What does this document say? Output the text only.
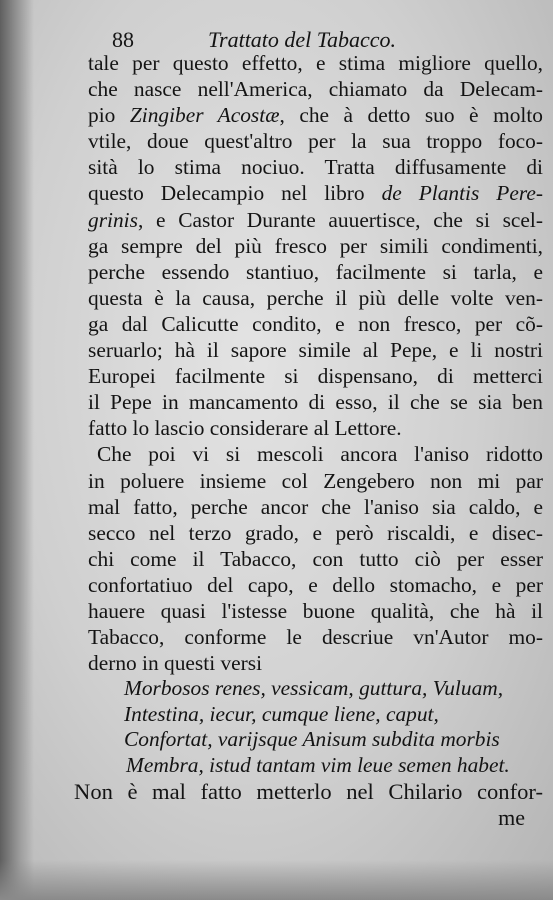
88	Trattato del Tabacco.
tale per questo effetto, e stima migliore quello,
che nasce nell'America, chiamato da Delecam-
pio Zingiber Acostæ, che à detto suo è molto
vtile, doue quest'altro per la sua troppo foco-
sità lo stima nociuo. Tratta diffusamente di
questo Delecampio nel libro de Plantis Pere-
grinis, e Castor Durante auuertisce, che si scel-
ga sempre del più fresco per simili condimenti,
perche essendo stantiuo, facilmente si tarla, e
questa è la causa, perche il più delle volte ven-
ga dal Calicutte condito, e non fresco, per cõ-
seruarlo; hà il sapore simile al Pepe, e li nostri
Europei facilmente si dispensano, di metterci
il Pepe in mancamento di esso, il che se sia ben
fatto lo lascio considerare al Lettore.
Che poi vi si mescoli ancora l'aniso ridotto
in poluere insieme col Zengebero non mi par
mal fatto, perche ancor che l'aniso sia caldo, e
secco nel terzo grado, e però riscaldi, e disec-
chi come il Tabacco, con tutto ciò per esser
confortatiuo del capo, e dello stomacho, e per
hauere quasi l'istesse buone qualità, che hà il
Tabacco, conforme le descriue vn'Autor mo-
derno in questi versi
Morbosos renes, vessicam, guttura, Vuluam,
Intestina, iecur, cumque liene, caput,
Confortat, varijsque Anisum subdita morbis
Membra, istud tantam vim leue semen habet.
Non è mal fatto metterlo nel Chilario confor-
me
